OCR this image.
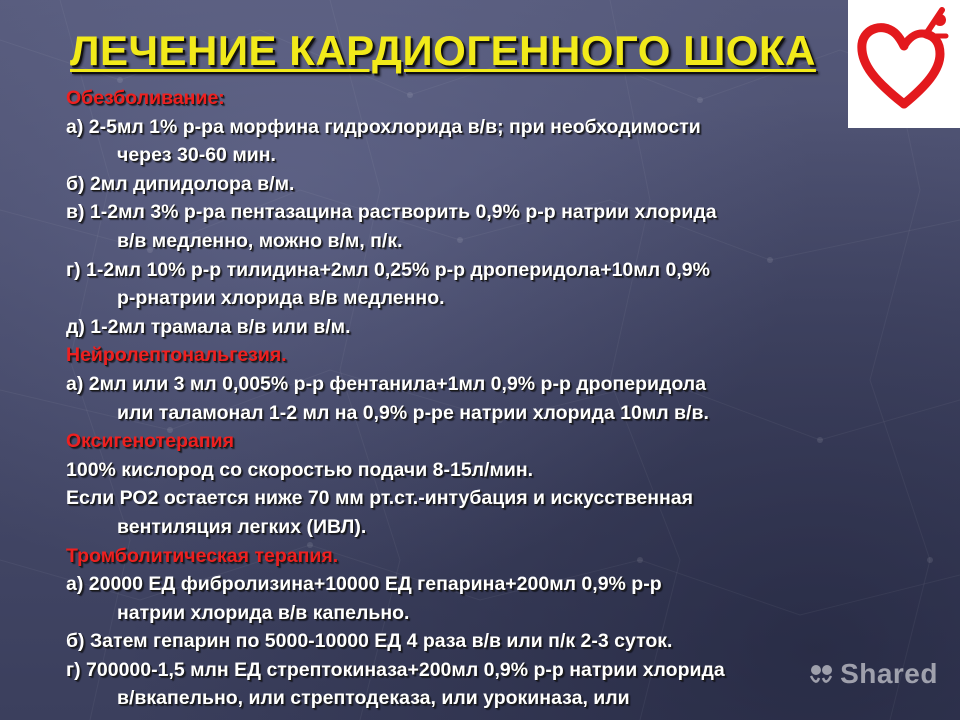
ЛЕЧЕНИЕ КАРДИОГЕННОГО ШОКА
Обезболивание:
а) 2-5мл 1% р-ра морфина гидрохлорида в/в; при необходимости
через 30-60 мин.
б) 2мл дипидолора в/м.
в) 1-2мл 3% р-ра пентазацина растворить 0,9% р-р натрии хлорида
в/в медленно, можно в/м, п/к.
г) 1-2мл 10% р-р тилидина+2мл 0,25% р-р дроперидола+10мл 0,9%
р-рнатрии хлорида в/в медленно.
д) 1-2мл трамала в/в или в/м.
Нейролептональгезия.
а) 2мл или 3 мл 0,005% р-р фентанила+1мл 0,9% р-р дроперидола
или таламонал 1-2 мл на 0,9% р-ре натрии хлорида 10мл в/в.
Оксигенотерапия
100% кислород со скоростью подачи 8-15л/мин.
Если РО2 остается ниже 70 мм рт.ст.-интубация и искусственная
вентиляция легких (ИВЛ).
Тромболитическая терапия.
а) 20000 ЕД фибролизина+10000 ЕД гепарина+200мл 0,9% р-р
натрии хлорида в/в капельно.
б) Затем гепарин по 5000-10000 ЕД 4 раза в/в или п/к 2-3 суток.
г) 700000-1,5 млн ЕД стрептокиназа+200мл 0,9% р-р натрии хлорида
в/вкапельно, или стрептодеказа, или урокиназа, или
Shared
